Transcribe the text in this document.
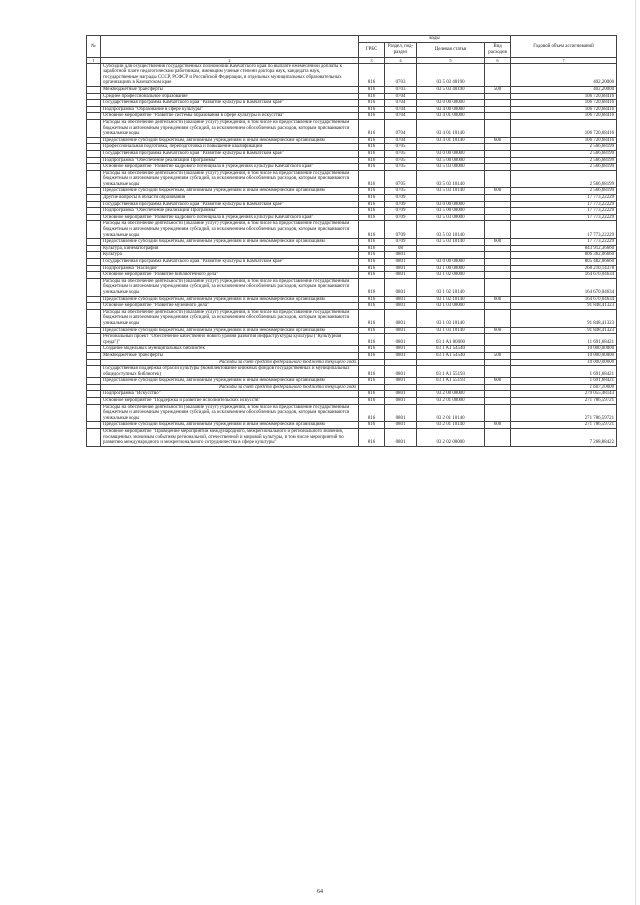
№		коды				Годовой объем ассигнований
		ГРБС	Раздел, под- раздел	Целевая статья	Вид расходов	
1	2	3	4	5	6	7
	Субсидии для осуществления государственных полномочий Камчатского края по выплате ежемесячной доплаты к заработной плате педагогическим работникам, имеющим ученые степени доктора наук, кандидата наук, государственные награды СССР, РСФСР и Российской Федерации, в отдельных муниципальных образовательных организациях в Камчатском крае	816	0703	03 5 03 40190		402,20000
	Межбюджетные трансферты	816	0703	03 5 03 40190	500	402,20000
	Среднее профессиональное образование	816	0704			106 720,68416
	Государственная программа Камчатского края "Развитие культуры в Камчатском крае"	816	0704	03 0 00 00000		106 720,68416
	Подпрограмма "Образование в сфере культуры"	816	0704	03 4 00 00000		106 720,68416
	Основное мероприятие "Развитие системы образования в сфере культуры и искусства"	816	0704	03 4 01 00000		106 720,68416
	Расходы на обеспечение деятельности (оказание услуг) учреждений, в том числе на предоставление государственным бюджетным и автономным учреждениям субсидий, за исключением обособленных расходов, которым присваиваются уникальные коды	816	0704	03 4 01 10140		106 720,68416
	Предоставление субсидий бюджетным, автономным учреждениям и иным некоммерческим организациям	816	0704	03 4 01 10140	600	106 720,68416
	Профессиональная подготовка, переподготовка и повышение квалификации	816	0705			2 566,68199
	Государственная программа Камчатского края "Развитие культуры в Камчатском крае"	816	0705	03 0 00 00000		2 566,68199
	Подпрограмма "Обеспечение реализации Программы"	816	0705	03 5 00 00000		2 566,68199
	Основное мероприятие "Развитие кадрового потенциала в учреждениях культуры Камчатского края"	816	0705	03 5 03 00000		2 566,68199
	Расходы на обеспечение деятельности (оказание услуг) учреждений, в том числе на предоставление государственным бюджетным и автономным учреждениям субсидий, за исключением обособленных расходов, которым присваиваются уникальные коды	816	0705	03 5 03 10140		2 566,68199
	Предоставление субсидий бюджетным, автономным учреждениям и иным некоммерческим организациям	816	0705	03 5 03 10140	600	2 566,68199
	Другие вопросы в области образования	816	0709			17 773,22229
	Государственная программа Камчатского края "Развитие культуры в Камчатском крае"	816	0709	03 0 00 00000		17 773,22229
	Подпрограмма "Обеспечение реализации Программы"	816	0709	03 5 00 00000		17 773,22229
	Основное мероприятие "Развитие кадрового потенциала в учреждениях культуры Камчатского края"	816	0709	03 5 03 00000		17 773,22229
	Расходы на обеспечение деятельности (оказание услуг) учреждений, в том числе на предоставление государственным бюджетным и автономным учреждениям субсидий, за исключением обособленных расходов, которым присваиваются уникальные коды	816	0709	03 5 03 10140		17 773,22229
	Предоставление субсидий бюджетным, автономным учреждениям и иным некоммерческим организациям	816	0709	03 5 03 10140	600	17 773,22229
	Культура, кинематография	816	08			843 912,36660
	Культура	816	0801			806 362,06660
	Государственная программа Камчатского края "Развитие культуры в Камчатском крае"	816	0801	03 0 00 00000		805 482,06660
	Подпрограмма "Наследие"	816	0801	03 1 00 00000		268 210,14378
	Основное мероприятие "Развитие библиотечного дела"	816	0801	03 1 02 00000		164 670,04634
	Расходы на обеспечение деятельности (оказание услуг) учреждений, в том числе на предоставление государственным бюджетным и автономным учреждениям субсидий, за исключением обособленных расходов, которым присваиваются уникальные коды	816	0801	03 1 02 10140		164 670,04634
	Предоставление субсидий бюджетным, автономным учреждениям и иным некоммерческим организациям	816	0801	03 1 02 10140	600	164 670,04634
	Основное мероприятие "Развитие музейного дела"	816	0801	03 1 03 00000		91 848,41323
	Расходы на обеспечение деятельности (оказание услуг) учреждений, в том числе на предоставление государственным бюджетным и автономным учреждениям субсидий, за исключением обособленных расходов, которым присваиваются уникальные коды	816	0801	03 1 03 10140		91 848,41323
	Предоставление субсидий бюджетным, автономным учреждениям и иным некоммерческим организациям	816	0801	03 1 03 10140	600	91 848,41323
	Региональный проект "Обеспечение качественно нового уровня развития инфраструктуры культуры ("Культурная среда")"	816	0801	03 1 A1 00000		11 691,68421
	Создание модельных муниципальных библиотек	816	0801	03 1 A1 54540		10 000,00000
	Межбюджетные трансферты	816	0801	03 1 A1 54540	500	10 000,00000
	Расходы за счет средств федерального бюджета текущего года					10 000,00000
	Государственная поддержка отрасли культуры (Комплектование книжных фондов государственных и муниципальных общедоступных библиотек)	816	0801	03 1 A1 55193		1 691,68421
	Предоставление субсидий бюджетным, автономным учреждениям и иным некоммерческим организациям	816	0801	03 1 A1 55193	600	1 691,68421
	Расходы за счет средств федерального бюджета текущего года					1 607,10000
	Подпрограмма "Искусство"	816	0801	03 2 00 00000		279 055,48143
	Основное мероприятие "Поддержка и развитие исполнительских искусств"	816	0801	03 2 01 00000		271 786,59721
	Расходы на обеспечение деятельности (оказание услуг) учреждений, в том числе на предоставление государственным бюджетным и автономным учреждениям субсидий, за исключением обособленных расходов, которым присваиваются уникальные коды	816	0801	03 2 01 10140		271 786,59721
	Предоставление субсидий бюджетным, автономным учреждениям и иным некоммерческим организациям	816	0801	03 2 01 10140	600	271 786,59721
	Основное мероприятие "Проведение мероприятий международного, межрегионального и регионального значения, посвященных значимым событиям региональной, отечественной и мировой культуры, в том числе мероприятий по развитию международного и межрегионального сотрудничества в сфере культуры"	816	0801	03 2 02 00000		7 268,88422
64
